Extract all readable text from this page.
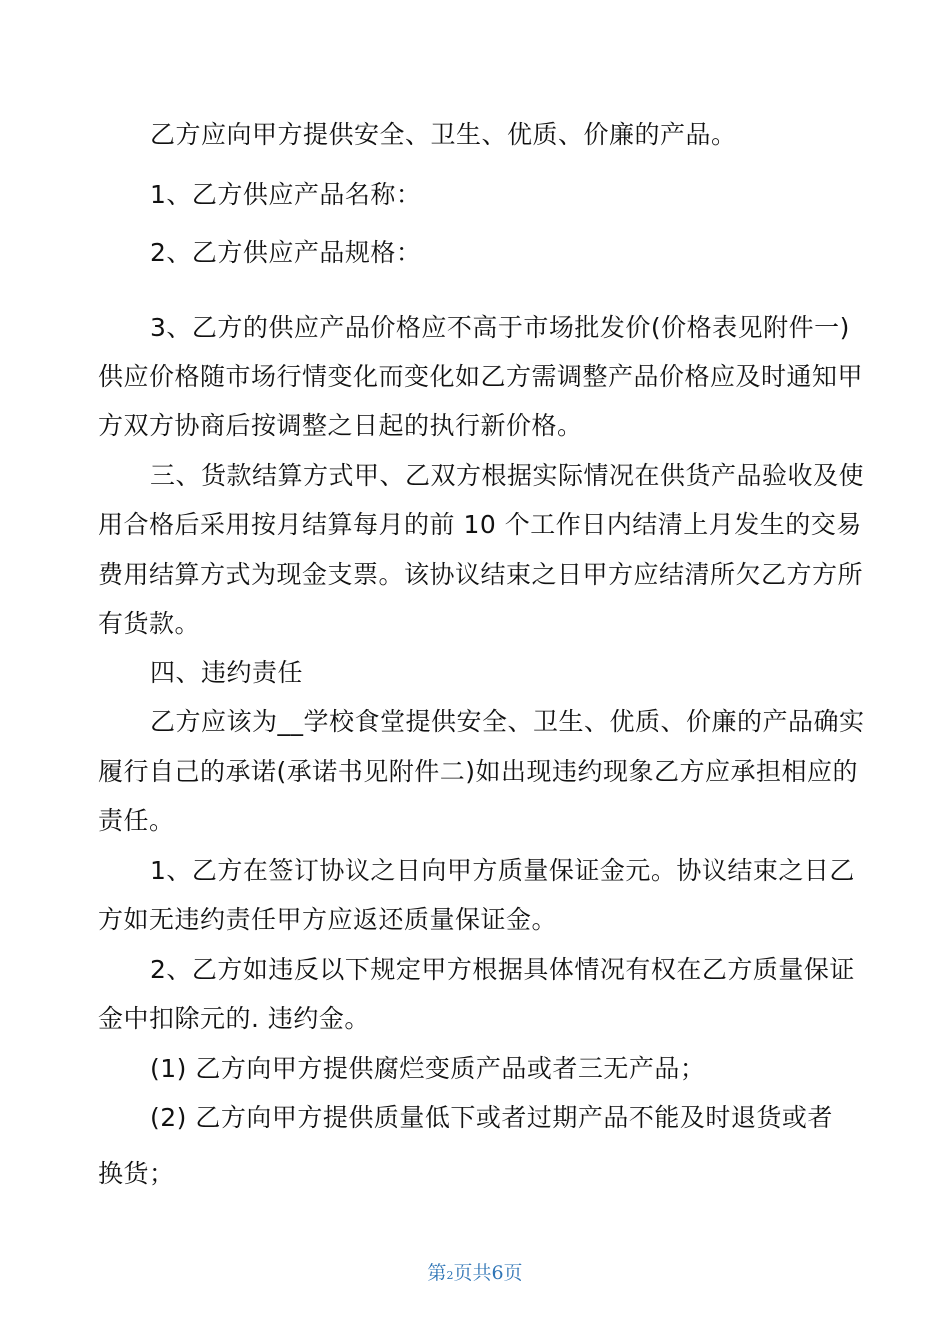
乙方应向甲方提供安全、卫生、优质、价廉的产品。
1、乙方供应产品名称：
2、乙方供应产品规格：
3、乙方的供应产品价格应不高于市场批发价(价格表见附件一)
供应价格随市场行情变化而变化如乙方需调整产品价格应及时通知甲
方双方协商后按调整之日起的执行新价格。
三、货款结算方式甲、乙双方根据实际情况在供货产品验收及使
用合格后采用按月结算每月的前 10 个工作日内结清上月发生的交易
费用结算方式为现金支票。该协议结束之日甲方应结清所欠乙方方所
有货款。
四、违约责任
乙方应该为__学校食堂提供安全、卫生、优质、价廉的产品确实
履行自己的承诺(承诺书见附件二)如出现违约现象乙方应承担相应的
责任。
1、乙方在签订协议之日向甲方质量保证金元。协议结束之日乙
方如无违约责任甲方应返还质量保证金。
2、乙方如违反以下规定甲方根据具体情况有权在乙方质量保证
金中扣除元的. 违约金。
(1) 乙方向甲方提供腐烂变质产品或者三无产品；
(2) 乙方向甲方提供质量低下或者过期产品不能及时退货或者
换货；
第2页共6页
